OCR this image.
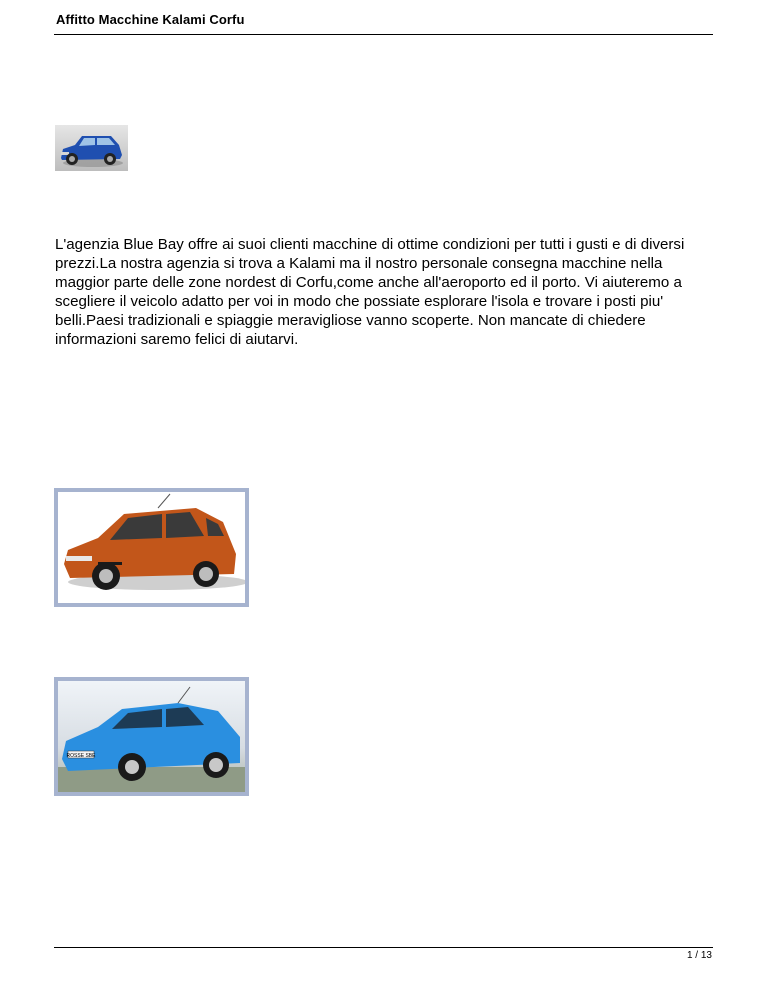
Affitto Macchine Kalami Corfu
L'agenzia Blue Bay offre ai suoi clienti macchine di ottime condizioni per tutti i gusti e di diversi prezzi.La nostra agenzia si trova a Kalami ma il nostro personale consegna macchine nella maggior parte delle zone nordest di Corfu,come anche all'aeroporto ed il porto. Vi aiuteremo a scegliere il veicolo adatto per voi in modo che possiate esplorare l'isola e trovare i posti piu' belli.Paesi tradizionali e spiaggie meravigliose vanno scoperte. Non mancate di chiedere informazioni saremo felici di aiutarvi.
ROSSE SBE
1 / 13
